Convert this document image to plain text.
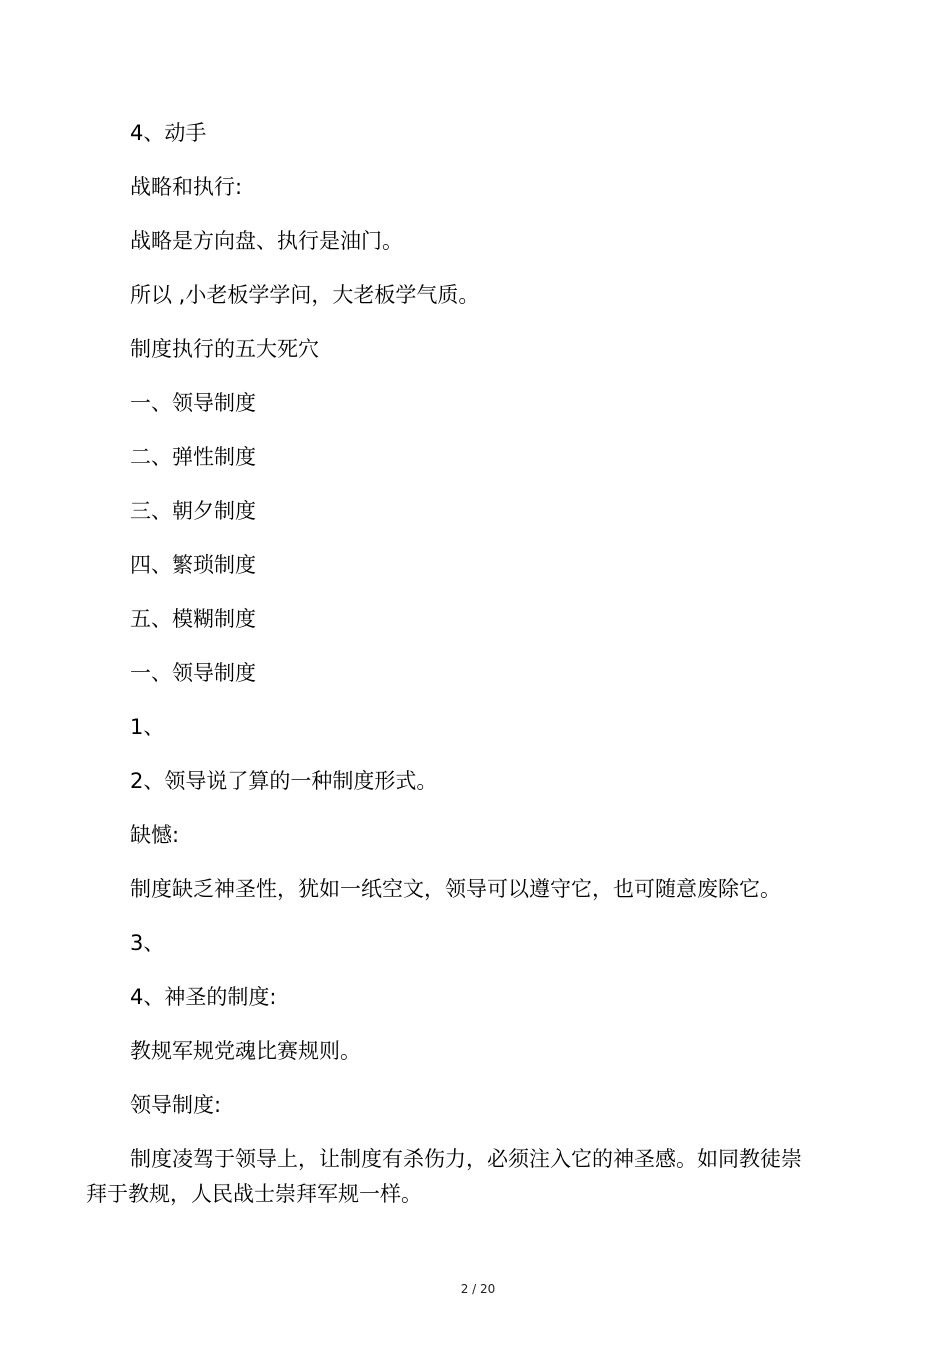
4、动手
战略和执行:
战略是方向盘、执行是油门。
所以 ,小老板学学问，大老板学气质。
制度执行的五大死穴
一、领导制度
二、弹性制度
三、朝夕制度
四、繁琐制度
五、模糊制度
一、领导制度
1、
2、领导说了算的一种制度形式。
缺憾:
制度缺乏神圣性，犹如一纸空文，领导可以遵守它，也可随意废除它。
3、
4、神圣的制度:
教规军规党魂比赛规则。
领导制度:
制度凌驾于领导上，让制度有杀伤力，必须注入它的神圣感。如同教徒崇拜于教规，人民战士崇拜军规一样。
2 / 20
